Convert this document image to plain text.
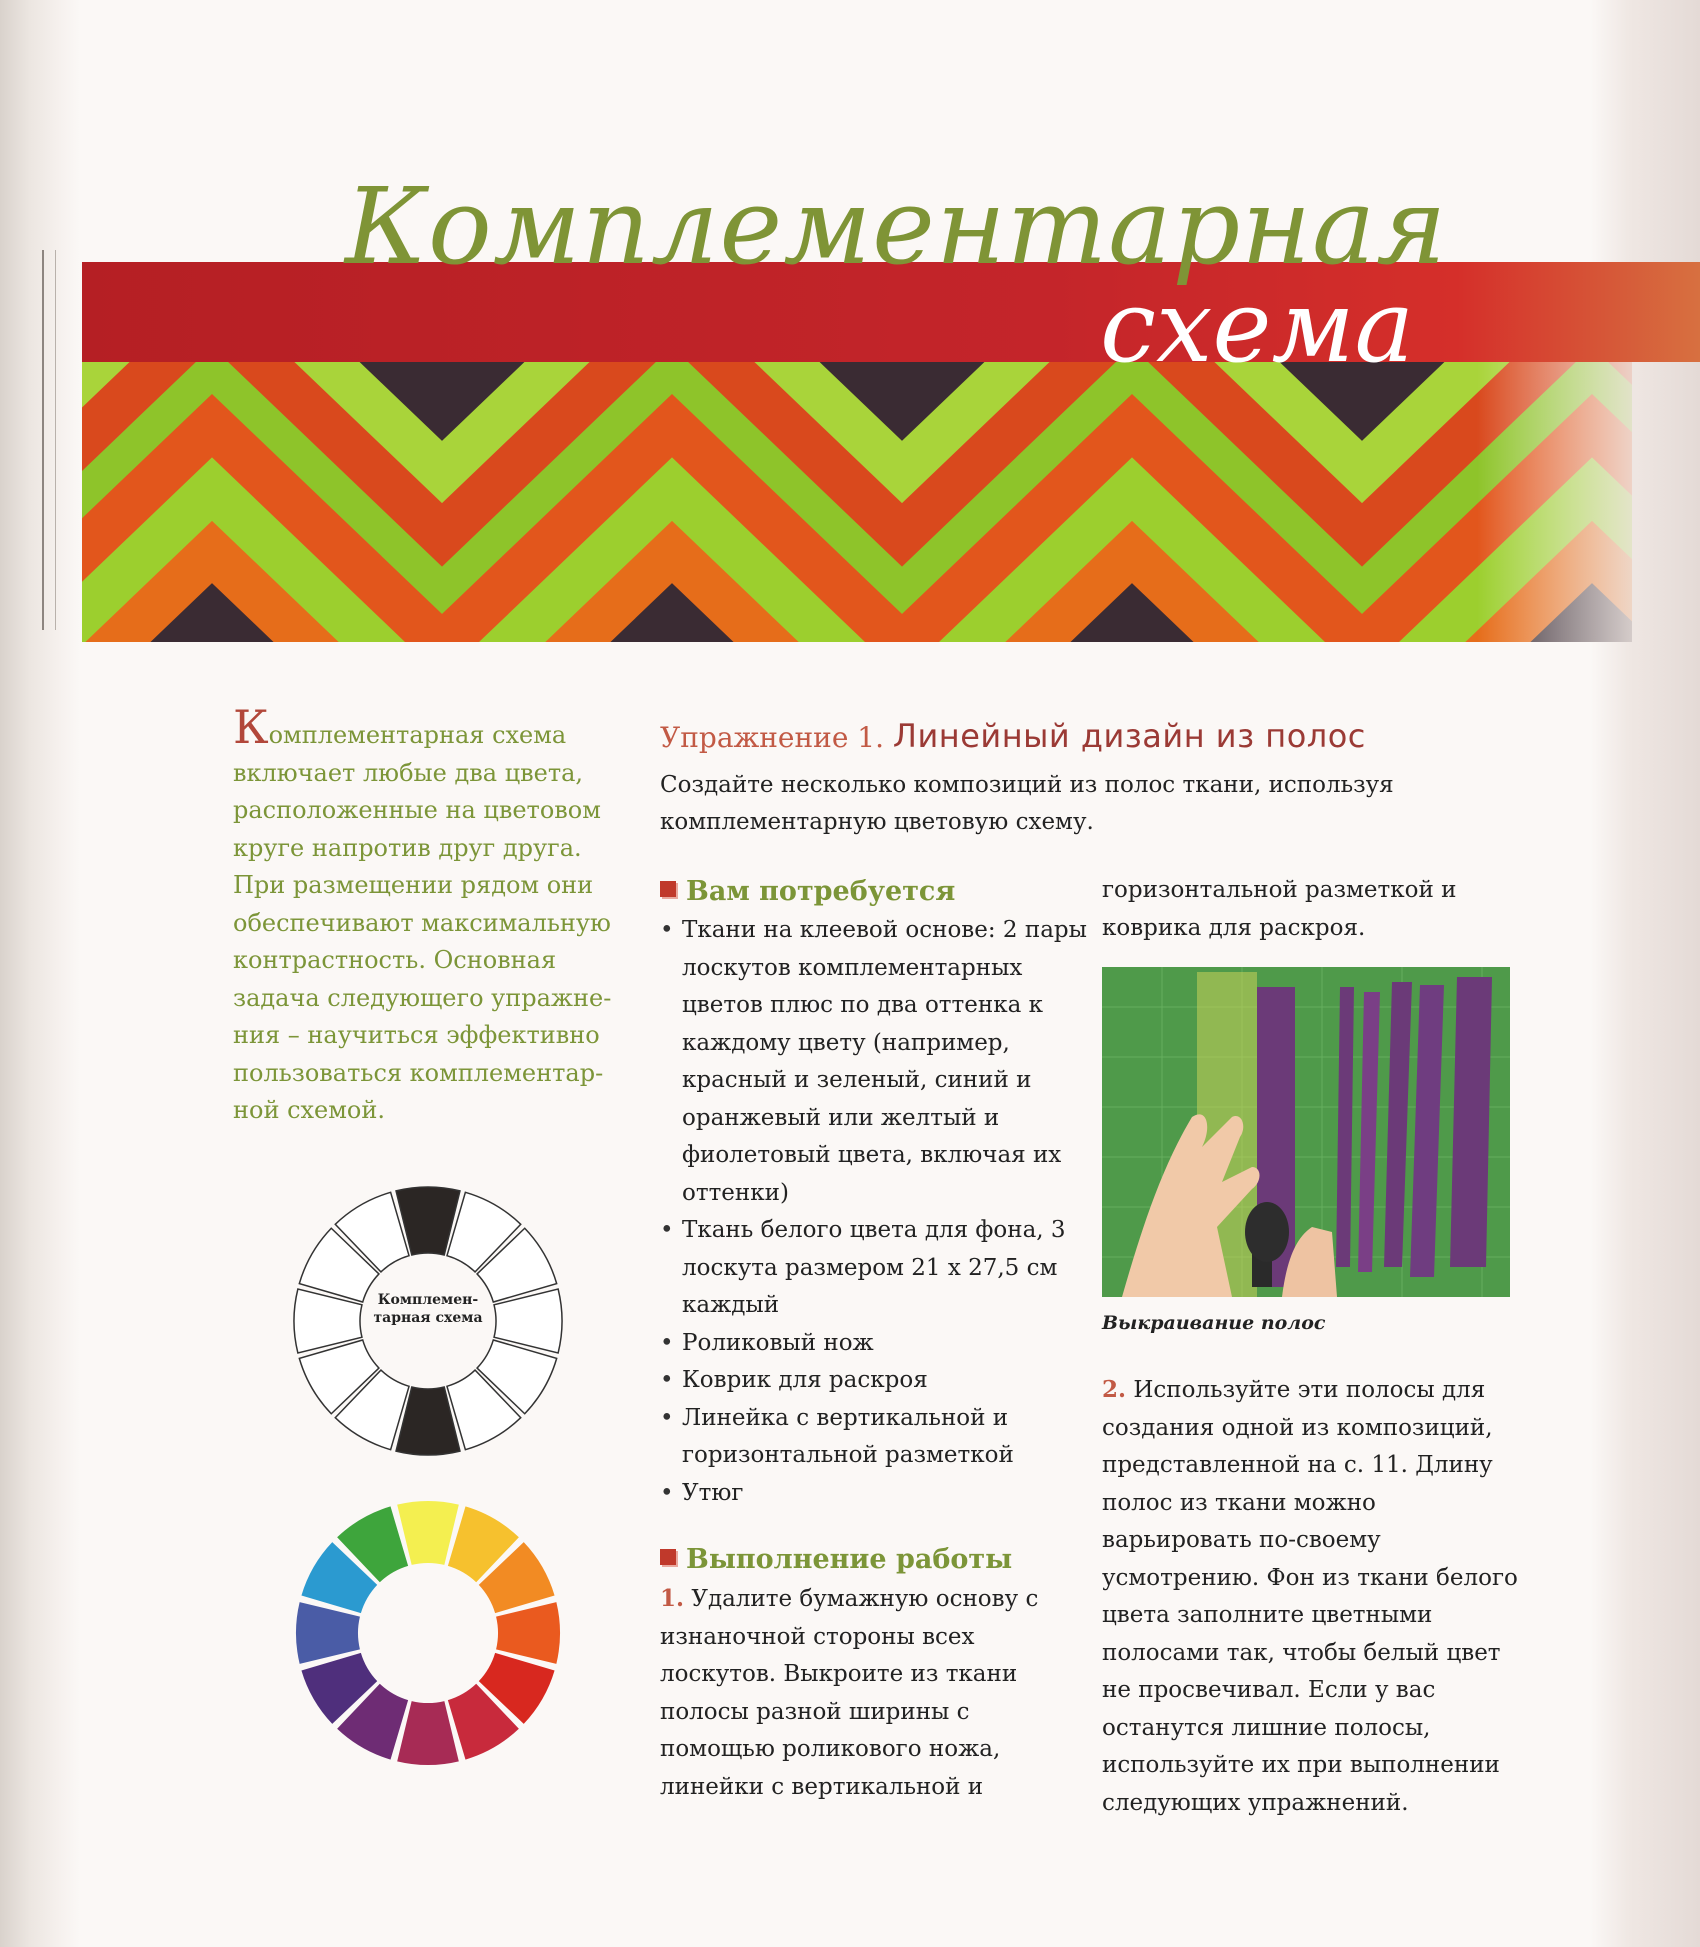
Комплементарная
схема
Комплементарная схема включает любые два цвета, расположенные на цветовом круге напротив друг друга. При размещении рядом они обеспечивают максимальную контрастность. Основная задача следующего упражнения – научиться эффективно пользоваться комплементарной схемой.
Комплемен-
тарная схема
Упражнение 1. Линейный дизайн из полос
Создайте несколько композиций из полос ткани, используя комплементарную цветовую схему.
Вам потребуется
• Ткани на клеевой основе: 2 пары лоскутов комплементарных цветов плюс по два оттенка к каждому цвету (например, красный и зеленый, синий и оранжевый или желтый и фиолетовый цвета, включая их оттенки)
• Ткань белого цвета для фона, 3 лоскута размером 21 х 27,5 см каждый
• Роликовый нож
• Коврик для раскроя
• Линейка с вертикальной и горизонтальной разметкой
• Утюг
Выполнение работы

1. Удалите бумажную основу с изнаночной стороны всех лоскутов. Выкроите из ткани полосы разной ширины с помощью роликового ножа, линейки с вертикальной и

горизонтальной разметкой и коврика для раскроя.

Выкраивание полос

2. Используйте эти полосы для создания одной из композиций, представленной на с. 11. Длину полос из ткани можно варьировать по-своему усмотрению. Фон из ткани белого цвета заполните цветными полосами так, чтобы белый цвет не просвечивал. Если у вас останутся лишние полосы, используйте их при выполнении следующих упражнений.
